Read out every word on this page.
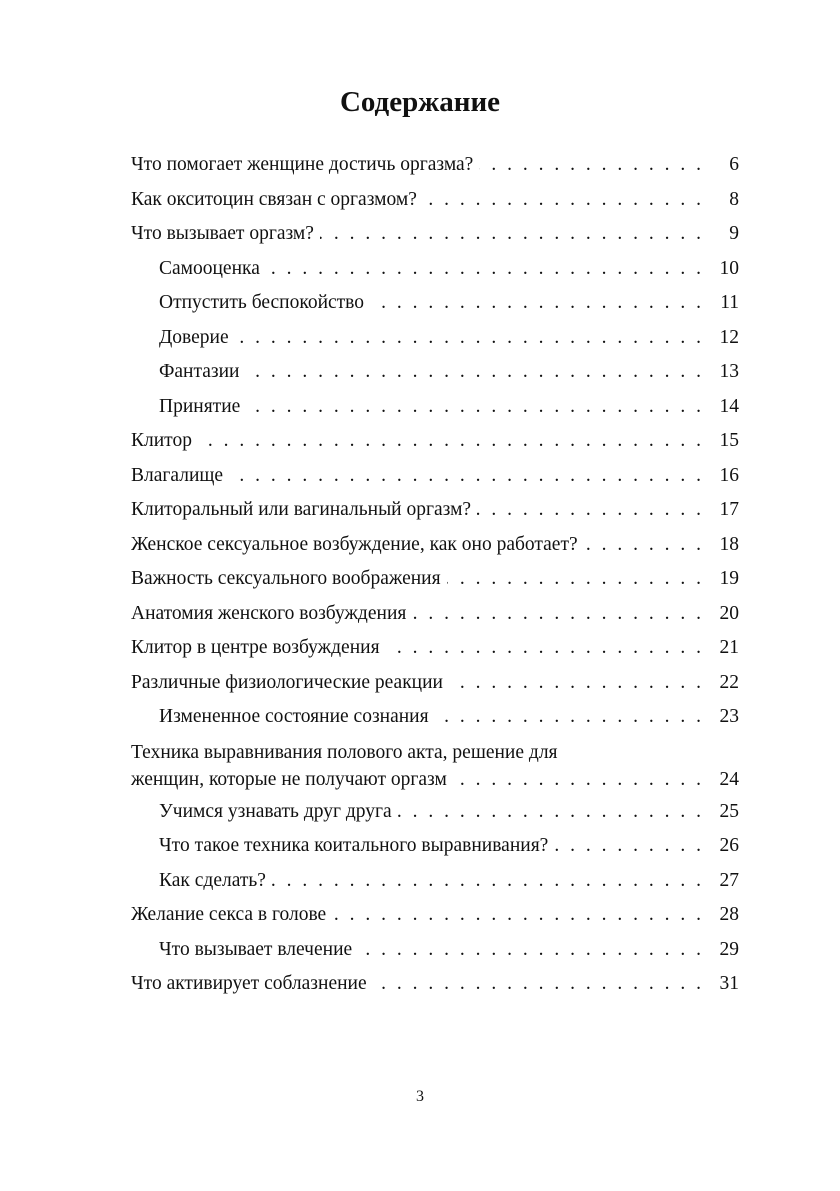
Содержание
Что помогает женщине достичь оргазма? . . .	6
Как окситоцин связан с оргазмом? . . .	8
Что вызывает оргазм? . . .	9
Самооценка . . .	10
Отпустить беспокойство . . .	11
Доверие . . .	12
Фантазии . . .	13
Принятие . . .	14
Клитор . . .	15
Влагалище . . .	16
Клиторальный или вагинальный оргазм? . . .	17
Женское сексуальное возбуждение, как оно работает? . . .	18
Важность сексуального воображения . . .	19
Анатомия женского возбуждения . . .	20
Клитор в центре возбуждения . . .	21
Различные физиологические реакции . . .	22
Измененное состояние сознания . . .	23
Техника выравнивания полового акта, решение для
женщин, которые не получают оргазм . . .	24
Учимся узнавать друг друга . . .	25
Что такое техника коитального выравнивания? . . .	26
Как сделать? . . .	27
Желание секса в голове . . .	28
Что вызывает влечение . . .	29
Что активирует соблазнение . . .	31

3
